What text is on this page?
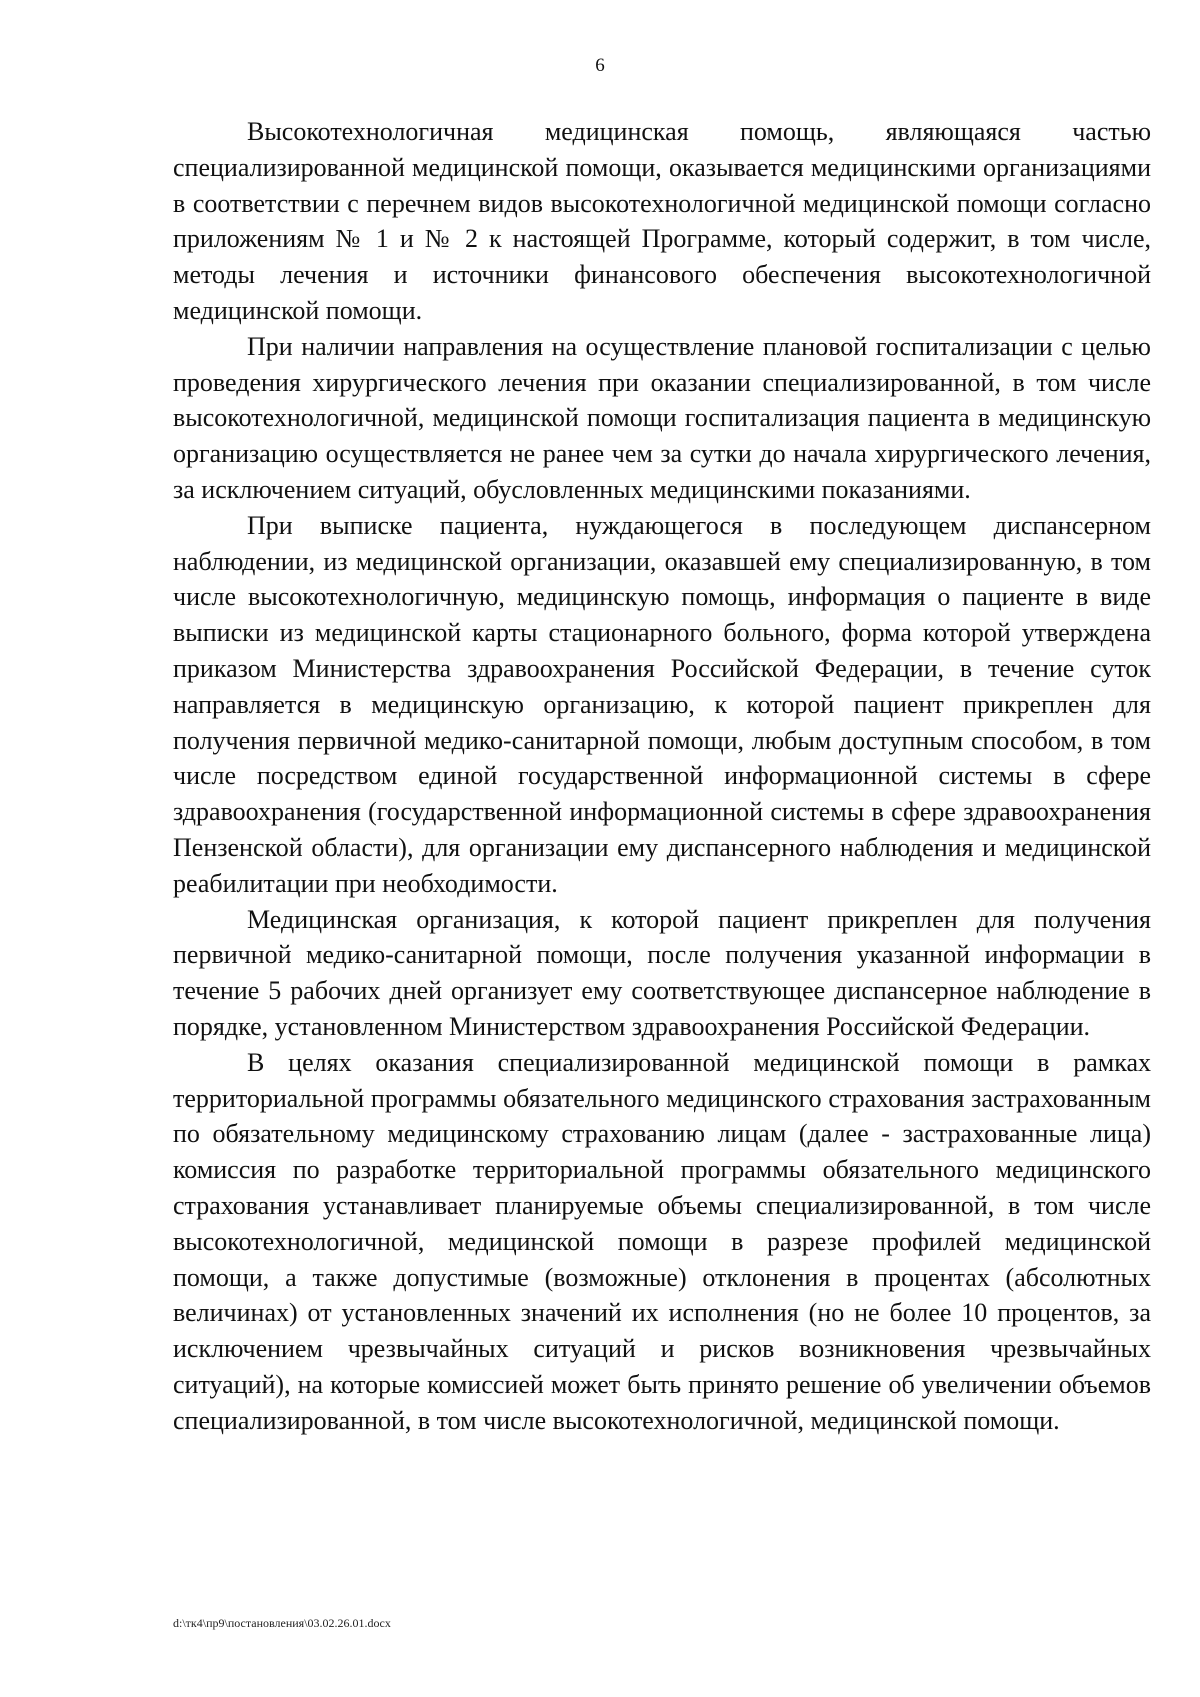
6

Высокотехнологичная медицинская помощь, являющаяся частью специализированной медицинской помощи, оказывается медицинскими организациями в соответствии с перечнем видов высокотехнологичной медицинской помощи согласно приложениям № 1 и № 2 к настоящей Программе, который содержит, в том числе, методы лечения и источники финансового обеспечения высокотехнологичной медицинской помощи.

При наличии направления на осуществление плановой госпитализации с целью проведения хирургического лечения при оказании специализированной, в том числе высокотехнологичной, медицинской помощи госпитализация пациента в медицинскую организацию осуществляется не ранее чем за сутки до начала хирургического лечения, за исключением ситуаций, обусловленных медицинскими показаниями.

При выписке пациента, нуждающегося в последующем диспансерном наблюдении, из медицинской организации, оказавшей ему специализированную, в том числе высокотехнологичную, медицинскую помощь, информация о пациенте в виде выписки из медицинской карты стационарного больного, форма которой утверждена приказом Министерства здравоохранения Российской Федерации, в течение суток направляется в медицинскую организацию, к которой пациент прикреплен для получения первичной медико-санитарной помощи, любым доступным способом, в том числе посредством единой государственной информационной системы в сфере здравоохранения (государственной информационной системы в сфере здравоохранения Пензенской области), для организации ему диспансерного наблюдения и медицинской реабилитации при необходимости.

Медицинская организация, к которой пациент прикреплен для получения первичной медико-санитарной помощи, после получения указанной информации в течение 5 рабочих дней организует ему соответствующее диспансерное наблюдение в порядке, установленном Министерством здравоохранения Российской Федерации.

В целях оказания специализированной медицинской помощи в рамках территориальной программы обязательного медицинского страхования застрахованным по обязательному медицинскому страхованию лицам (далее - застрахованные лица) комиссия по разработке территориальной программы обязательного медицинского страхования устанавливает планируемые объемы специализированной, в том числе высокотехнологичной, медицинской помощи в разрезе профилей медицинской помощи, а также допустимые (возможные) отклонения в процентах (абсолютных величинах) от установленных значений их исполнения (но не более 10 процентов, за исключением чрезвычайных ситуаций и рисков возникновения чрезвычайных ситуаций), на которые комиссией может быть принято решение об увеличении объемов специализированной, в том числе высокотехнологичной, медицинской помощи.

d:\тк4\пр9\постановления\03.02.26.01.docx
